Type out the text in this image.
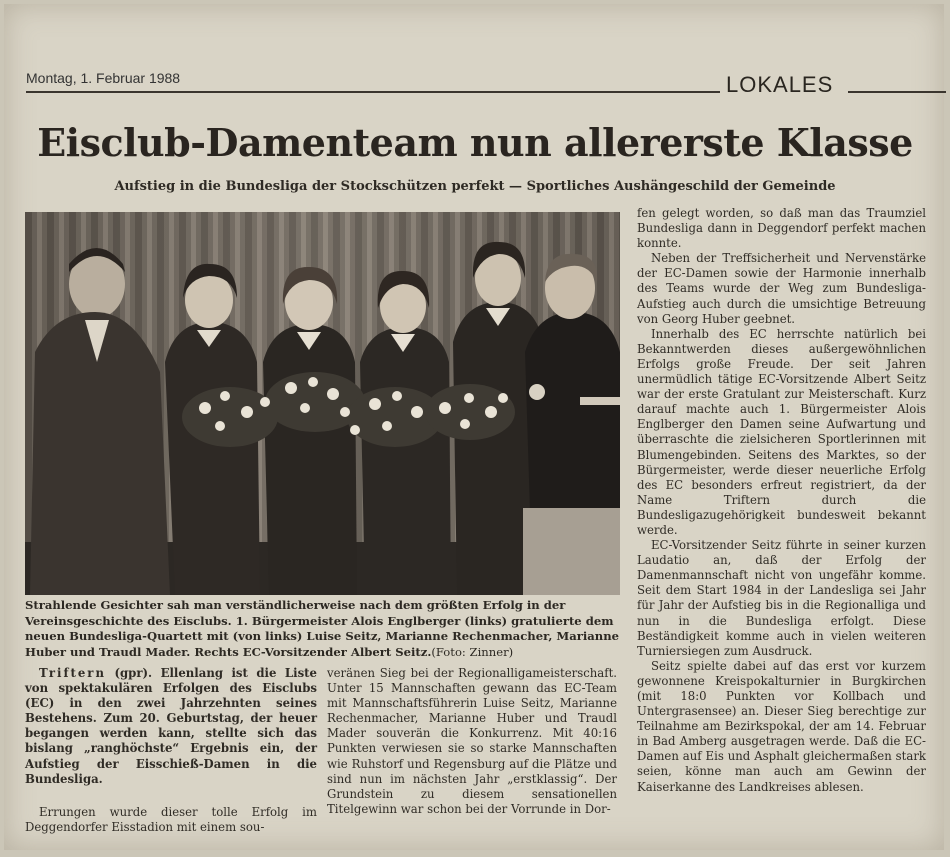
Montag, 1. Februar 1988	LOKALES
Eisclub-Damenteam nun allererste Klasse
Aufstieg in die Bundesliga der Stockschützen perfekt — Sportliches Aushängeschild der Gemeinde
Strahlende Gesichter sah man verständlicherweise nach dem größten Erfolg in der Vereinsgeschichte des Eisclubs. 1. Bürgermeister Alois Englberger (links) gratulierte dem neuen Bundesliga-Quartett mit (von links) Luise Seitz, Marianne Rechenmacher, Marianne Huber und Traudl Mader. Rechts EC-Vorsitzender Albert Seitz.(Foto: Zinner)

Triftern (gpr). Ellenlang ist die Liste von spektakulären Erfolgen des Eisclubs (EC) in den zwei Jahrzehnten seines Bestehens. Zum 20. Geburtstag, der heuer begangen werden kann, stellte sich das bislang „ranghöchste“ Ergebnis ein, der Aufstieg der Eisschieß-Damen in die Bundesliga.

Errungen wurde dieser tolle Erfolg im Deggendorfer Eisstadion mit einem sou-

veränen Sieg bei der Regionalligameisterschaft. Unter 15 Mannschaften gewann das EC-Team mit Mannschaftsführerin Luise Seitz, Marianne Rechenmacher, Marianne Huber und Traudl Mader souverän die Konkurrenz. Mit 40:16 Punkten verwiesen sie so starke Mannschaften wie Ruhstorf und Regensburg auf die Plätze und sind nun im nächsten Jahr „erstklassig“. Der Grundstein zu diesem sensationellen Titelgewinn war schon bei der Vorrunde in Dor-

fen gelegt worden, so daß man das Traumziel Bundesliga dann in Deggendorf perfekt machen konnte.

Neben der Treffsicherheit und Nervenstärke der EC-Damen sowie der Harmonie innerhalb des Teams wurde der Weg zum Bundesliga-Aufstieg auch durch die umsichtige Betreuung von Georg Huber geebnet.

Innerhalb des EC herrschte natürlich bei Bekanntwerden dieses außergewöhnlichen Erfolgs große Freude. Der seit Jahren unermüdlich tätige EC-Vorsitzende Albert Seitz war der erste Gratulant zur Meisterschaft. Kurz darauf machte auch 1. Bürgermeister Alois Englberger den Damen seine Aufwartung und überraschte die zielsicheren Sportlerinnen mit Blumengebinden. Seitens des Marktes, so der Bürgermeister, werde dieser neuerliche Erfolg des EC besonders erfreut registriert, da der Name Triftern durch die Bundesligazugehörigkeit bundesweit bekannt werde.

EC-Vorsitzender Seitz führte in seiner kurzen Laudatio an, daß der Erfolg der Damenmannschaft nicht von ungefähr komme. Seit dem Start 1984 in der Landesliga sei Jahr für Jahr der Aufstieg bis in die Regionalliga und nun in die Bundesliga erfolgt. Diese Beständigkeit komme auch in vielen weiteren Turniersiegen zum Ausdruck.

Seitz spielte dabei auf das erst vor kurzem gewonnene Kreispokalturnier in Burgkirchen (mit 18:0 Punkten vor Kollbach und Untergrasensee) an. Dieser Sieg berechtige zur Teilnahme am Bezirkspokal, der am 14. Februar in Bad Amberg ausgetragen werde. Daß die EC-Damen auf Eis und Asphalt gleichermaßen stark seien, könne man auch am Gewinn der Kaiserkanne des Landkreises ablesen.
